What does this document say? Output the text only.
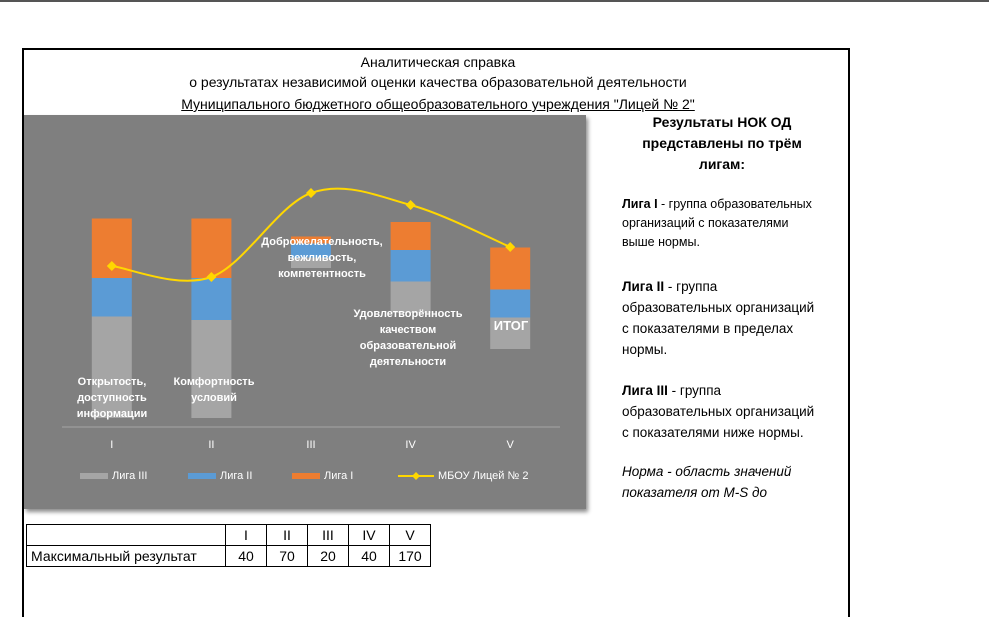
Аналитическая справка
о результатах независимой оценки качества образовательной деятельности
Муниципального бюджетного общеобразовательного учреждения "Лицей № 2"
I	II	III	IV	V
Открытость, доступность информации
Комфортность условий
Доброжелательность, вежливость, компетентность
Удовлетворённость качеством образовательной деятельности
ИТОГ
Лига III	Лига II	Лига I	МБОУ Лицей № 2
Результаты НОК ОД представлены по трём лигам:

Лига I - группа образовательных организаций с показателями выше нормы.

Лига II - группа образовательных организаций с показателями в пределах нормы.

Лига III - группа образовательных организаций с показателями ниже нормы.

Норма - область значений показателя от M-S до

	I	II	III	IV	V
Максимальный результат	40	70	20	40	170
